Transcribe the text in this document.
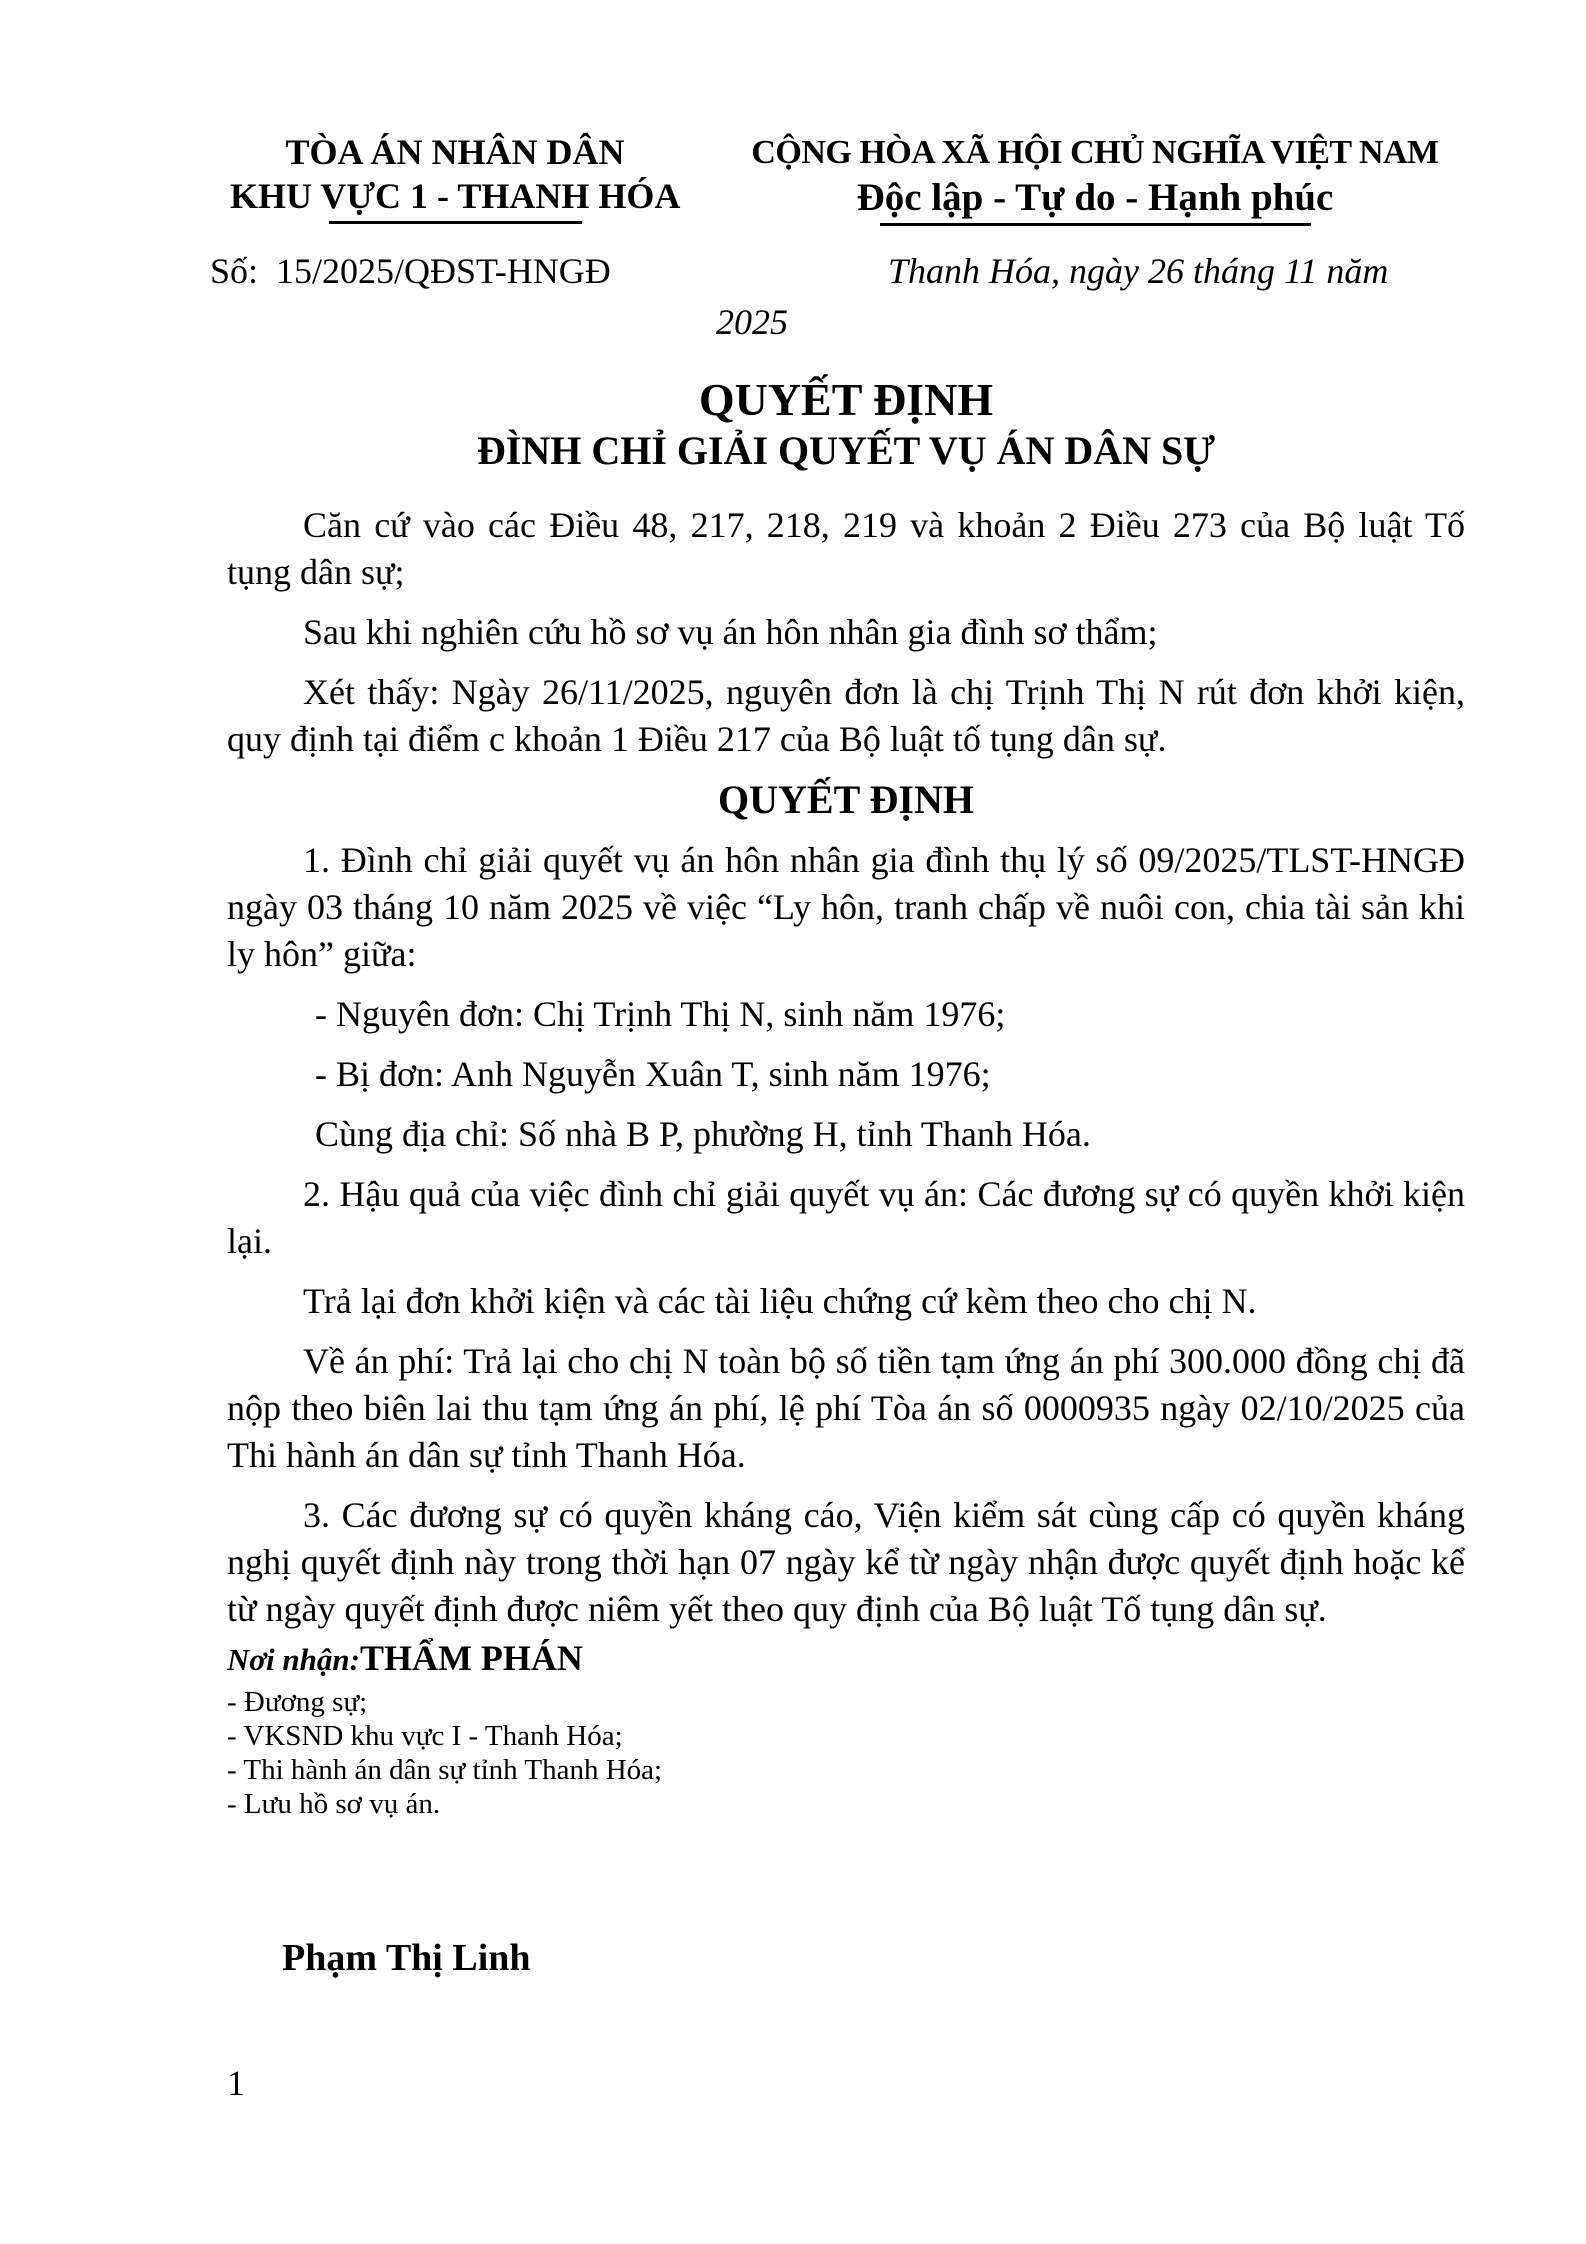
TÒA ÁN NHÂN DÂN
KHU VỰC 1 - THANH HÓA
CỘNG HÒA XÃ HỘI CHỦ NGHĨA VIỆT NAM
Độc lập - Tự do - Hạnh phúc
Số:  15/2025/QĐST-HNGĐ	Thanh Hóa, ngày 26 tháng 11 năm
2025
QUYẾT ĐỊNH
ĐÌNH CHỈ GIẢI QUYẾT VỤ ÁN DÂN SỰ

Căn cứ vào các Điều 48, 217, 218, 219 và khoản 2 Điều 273 của Bộ luật Tố tụng dân sự;

Sau khi nghiên cứu hồ sơ vụ án hôn nhân gia đình sơ thẩm;

Xét thấy: Ngày 26/11/2025, nguyên đơn là chị Trịnh Thị N rút đơn khởi kiện, quy định tại điểm c khoản 1 Điều 217 của Bộ luật tố tụng dân sự.

QUYẾT ĐỊNH

1. Đình chỉ giải quyết vụ án hôn nhân gia đình thụ lý số 09/2025/TLST-HNGĐ ngày 03 tháng 10 năm 2025 về việc “Ly hôn, tranh chấp về nuôi con, chia tài sản khi ly hôn” giữa:

- Nguyên đơn: Chị Trịnh Thị N, sinh năm 1976;

- Bị đơn: Anh Nguyễn Xuân T, sinh năm 1976;

Cùng địa chỉ: Số nhà B P, phường H, tỉnh Thanh Hóa.

2. Hậu quả của việc đình chỉ giải quyết vụ án: Các đương sự có quyền khởi kiện lại.

Trả lại đơn khởi kiện và các tài liệu chứng cứ kèm theo cho chị N.

Về án phí: Trả lại cho chị N toàn bộ số tiền tạm ứng án phí 300.000 đồng chị đã nộp theo biên lai thu tạm ứng án phí, lệ phí Tòa án số 0000935 ngày 02/10/2025 của Thi hành án dân sự tỉnh Thanh Hóa.

3. Các đương sự có quyền kháng cáo, Viện kiểm sát cùng cấp có quyền kháng nghị quyết định này trong thời hạn 07 ngày kể từ ngày nhận được quyết định hoặc kể từ ngày quyết định được niêm yết theo quy định của Bộ luật Tố tụng dân sự.

Nơi nhận:THẨM PHÁN
- Đương sự;
- VKSND khu vực I - Thanh Hóa;
- Thi hành án dân sự tỉnh Thanh Hóa;
- Lưu hồ sơ vụ án.
Phạm Thị Linh
1
